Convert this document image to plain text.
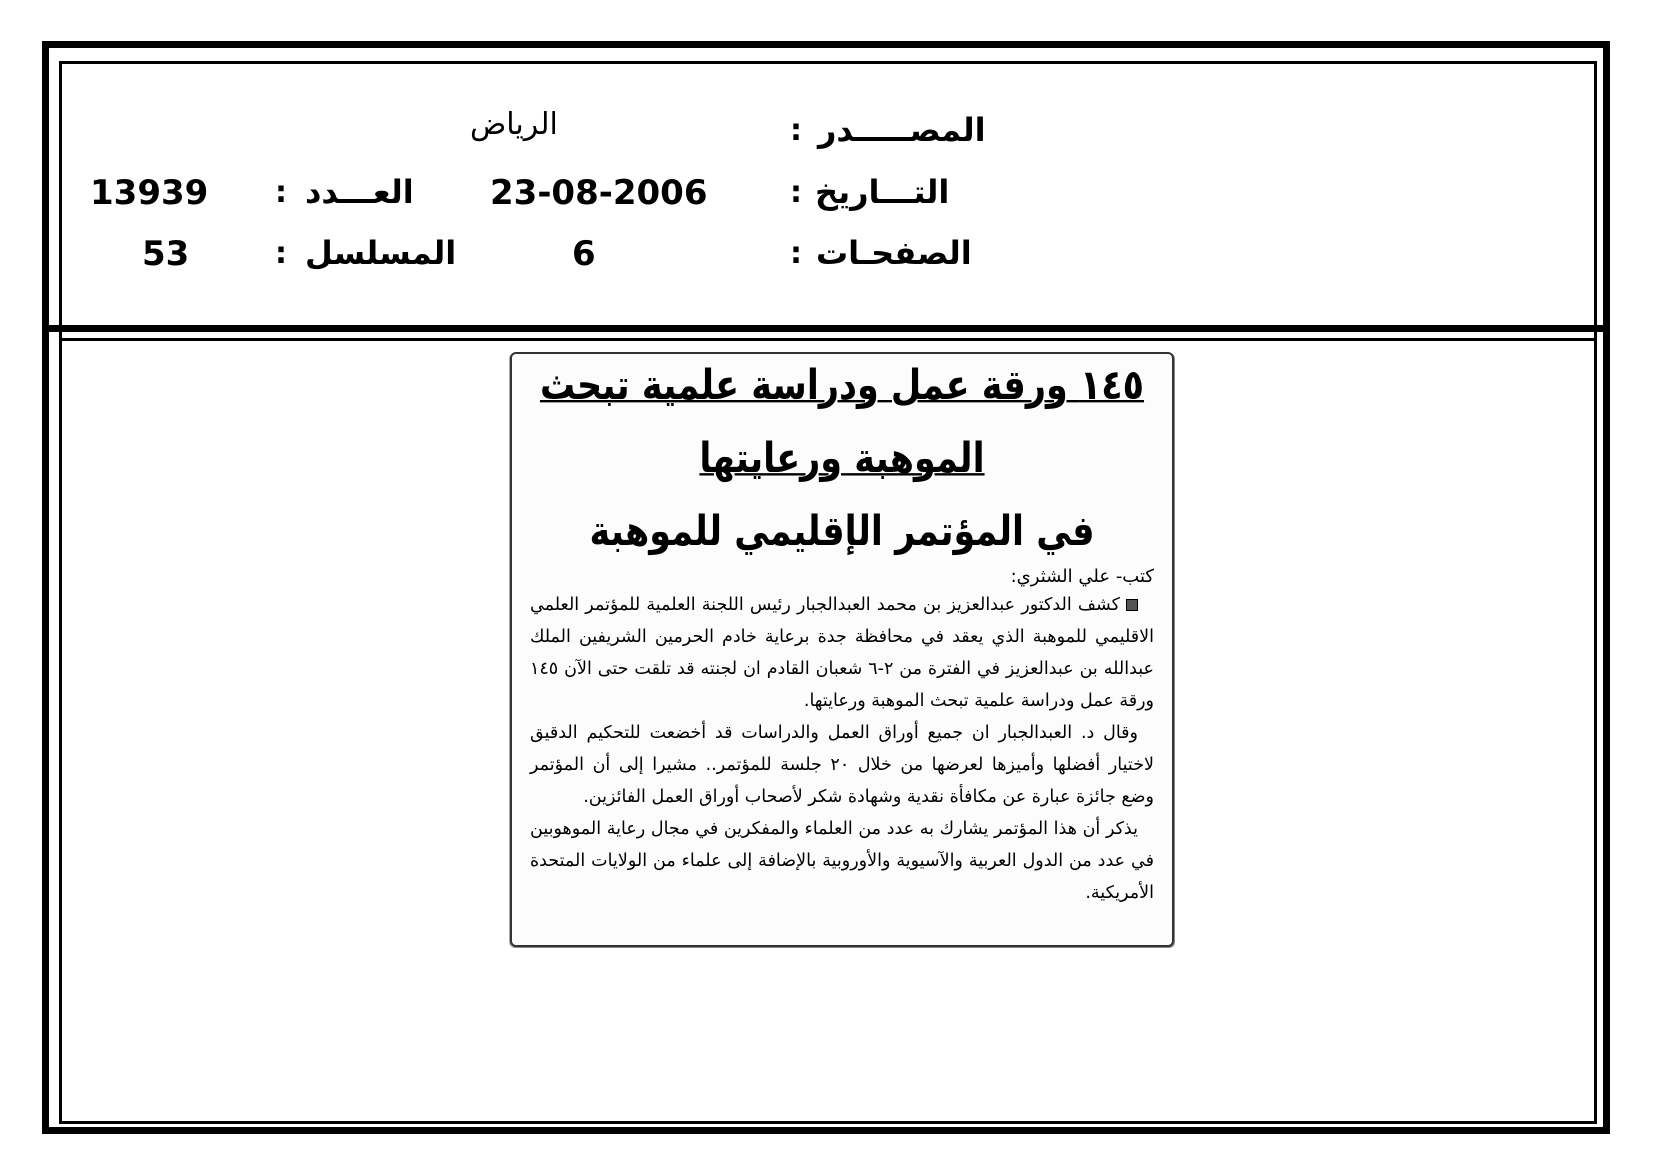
المصـــــدر
:
الرياض
التـــاريخ
:
23-08-2006
العـــدد
:
13939
الصفحـات
:
6
المسلسل
:
53
١٤٥ ورقة عمل ودراسة علمية تبحث الموهبة ورعايتها
في المؤتمر الإقليمي للموهبة
كتب- علي الشثري:

كشف الدكتور عبدالعزيز بن محمد العبدالجبار رئيس اللجنة العلمية للمؤتمر العلمي الاقليمي للموهبة الذي يعقد في محافظة جدة برعاية خادم الحرمين الشريفين الملك عبدالله بن عبدالعزيز في الفترة من ٢-٦ شعبان القادم ان لجنته قد تلقت حتى الآن ١٤٥ ورقة عمل ودراسة علمية تبحث الموهبة ورعايتها.

وقال د. العبدالجبار ان جميع أوراق العمل والدراسات قد أخضعت للتحكيم الدقيق لاختيار أفضلها وأميزها لعرضها من خلال ٢٠ جلسة للمؤتمر.. مشيرا إلى أن المؤتمر وضع جائزة عبارة عن مكافأة نقدية وشهادة شكر لأصحاب أوراق العمل الفائزين.

يذكر أن هذا المؤتمر يشارك به عدد من العلماء والمفكرين في مجال رعاية الموهوبين في عدد من الدول العربية والآسيوية والأوروبية بالإضافة إلى علماء من الولايات المتحدة الأمريكية.
